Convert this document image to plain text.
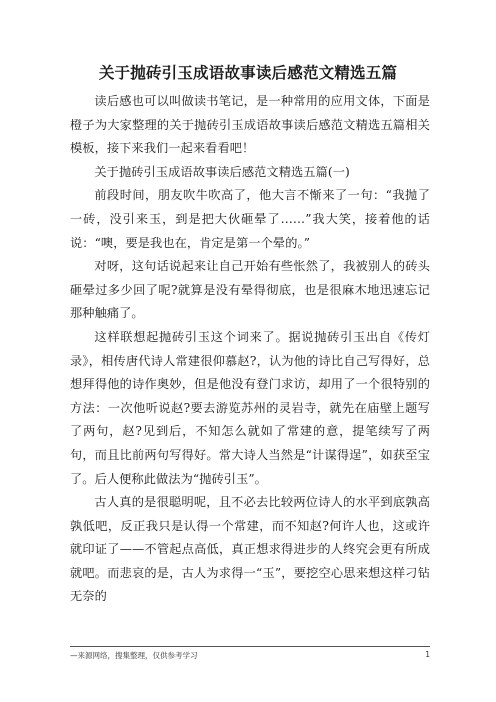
关于抛砖引玉成语故事读后感范文精选五篇

读后感也可以叫做读书笔记，是一种常用的应用文体，下面是橙子为大家整理的关于抛砖引玉成语故事读后感范文精选五篇相关模板，接下来我们一起来看看吧！

关于抛砖引玉成语故事读后感范文精选五篇(一)

前段时间，朋友吹牛吹高了，他大言不惭来了一句：“我抛了一砖，没引来玉，到是把大伙砸晕了……”我大笑，接着他的话说：“噢，要是我也在，肯定是第一个晕的。”

对呀，这句话说起来让自己开始有些怅然了，我被别人的砖头砸晕过多少回了呢?就算是没有晕得彻底，也是很麻木地迅速忘记那种触痛了。

这样联想起抛砖引玉这个词来了。据说抛砖引玉出自《传灯录》，相传唐代诗人常建很仰慕赵?，认为他的诗比自己写得好，总想拜得他的诗作奥妙，但是他没有登门求访，却用了一个很特别的方法：一次他听说赵?要去游览苏州的灵岩寺，就先在庙壁上题写了两句，赵?见到后，不知怎么就如了常建的意，提笔续写了两句，而且比前两句写得好。常大诗人当然是“计谋得逞”，如获至宝了。后人便称此做法为“抛砖引玉”。

古人真的是很聪明呢，且不必去比较两位诗人的水平到底孰高孰低吧，反正我只是认得一个常建，而不知赵?何许人也，这或许就印证了——不管起点高低，真正想求得进步的人终究会更有所成就吧。而悲哀的是，古人为求得一“玉”，要挖空心思来想这样刁钻无奈的

—来源网络，搜集整理，仅供参考学习	1
